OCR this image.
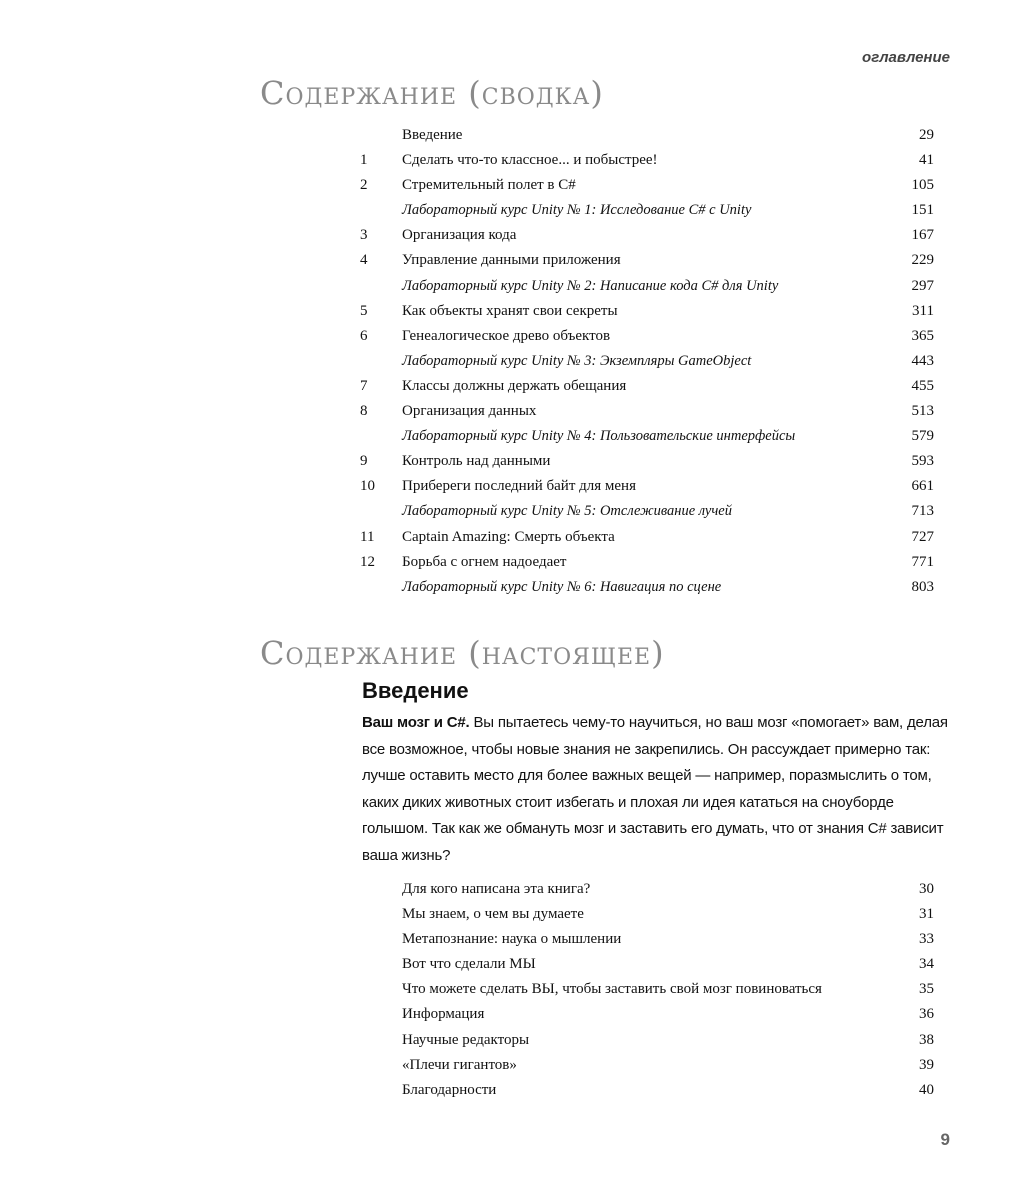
оглавление
Содержание (сводка)
Введение	29
1	Сделать что-то классное... и побыстрее!	41
2	Стремительный полет в C#	105
Лабораторный курс Unity № 1: Исследование C# с Unity	151
3	Организация кода	167
4	Управление данными приложения	229
Лабораторный курс Unity № 2: Написание кода C# для Unity	297
5	Как объекты хранят свои секреты	311
6	Генеалогическое древо объектов	365
Лабораторный курс Unity № 3: Экземпляры GameObject	443
7	Классы должны держать обещания	455
8	Организация данных	513
Лабораторный курс Unity № 4: Пользовательские интерфейсы	579
9	Контроль над данными	593
10	Прибереги последний байт для меня	661
Лабораторный курс Unity № 5: Отслеживание лучей	713
11	Captain Amazing: Смерть объекта	727
12	Борьба с огнем надоедает	771
Лабораторный курс Unity № 6: Навигация по сцене	803
Содержание (настоящее)
Введение
Ваш мозг и C#. Вы пытаетесь чему-то научиться, но ваш мозг «помогает» вам, делая все возможное, чтобы новые знания не закрепились. Он рассуждает примерно так: лучше оставить место для более важных вещей — например, поразмыслить о том, каких диких животных стоит избегать и плохая ли идея кататься на сноуборде голышом. Так как же обмануть мозг и заставить его думать, что от знания C# зависит ваша жизнь?
Для кого написана эта книга?	30
Мы знаем, о чем вы думаете	31
Метапознание: наука о мышлении	33
Вот что сделали МЫ	34
Что можете сделать ВЫ, чтобы заставить свой мозг повиноваться	35
Информация	36
Научные редакторы	38
«Плечи гигантов»	39
Благодарности	40
9
